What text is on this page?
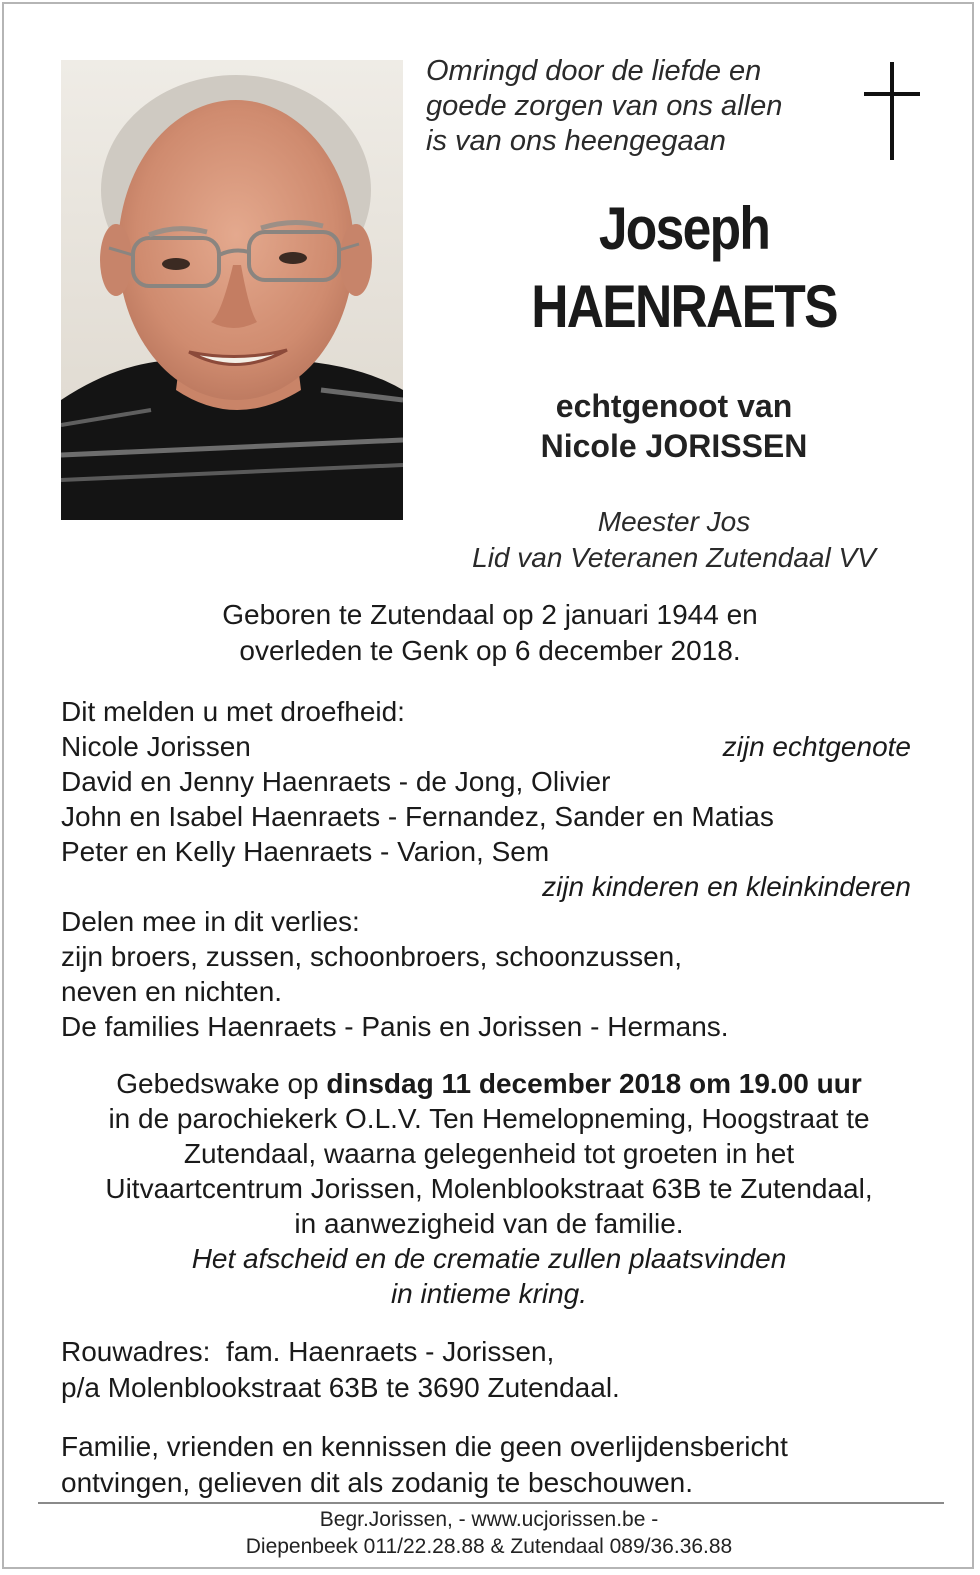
Omringd door de liefde en
goede zorgen van ons allen
is van ons heengegaan
Joseph
HAENRAETS
echtgenoot van
Nicole JORISSEN
Meester Jos
Lid van Veteranen Zutendaal VV
Geboren te Zutendaal op 2 januari 1944 en
overleden te Genk op 6 december 2018.
Dit melden u met droefheid:
Nicole Jorissen	zijn echtgenote
David en Jenny Haenraets - de Jong, Olivier
John en Isabel Haenraets - Fernandez, Sander en Matias
Peter en Kelly Haenraets - Varion, Sem
zijn kinderen en kleinkinderen
Delen mee in dit verlies:
zijn broers, zussen, schoonbroers, schoonzussen,
neven en nichten.
De families Haenraets - Panis en Jorissen - Hermans.
Gebedswake op dinsdag 11 december 2018 om 19.00 uur
in de parochiekerk O.L.V. Ten Hemelopneming, Hoogstraat te
Zutendaal, waarna gelegenheid tot groeten in het
Uitvaartcentrum Jorissen, Molenblookstraat 63B te Zutendaal,
in aanwezigheid van de familie.
Het afscheid en de crematie zullen plaatsvinden
in intieme kring.
Rouwadres:  fam. Haenraets - Jorissen,
p/a Molenblookstraat 63B te 3690 Zutendaal.
Familie, vrienden en kennissen die geen overlijdensbericht
ontvingen, gelieven dit als zodanig te beschouwen.
Begr.Jorissen, - www.ucjorissen.be -
Diepenbeek 011/22.28.88 & Zutendaal 089/36.36.88
